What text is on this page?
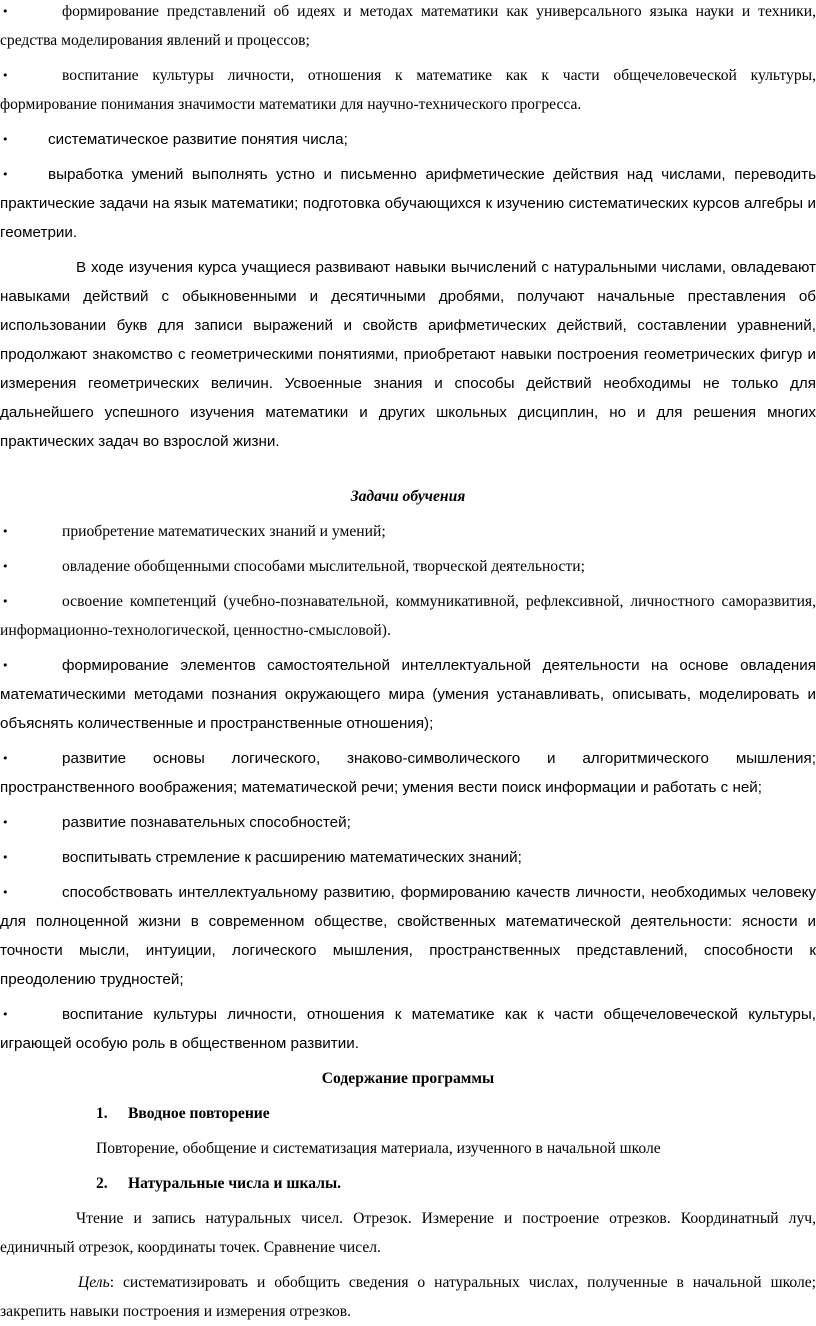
•	формирование представлений об идеях и методах математики как универсального языка науки и техники, средства моделирования явлений и процессов;

•	воспитание культуры личности, отношения к математике как к части общечеловеческой культуры, формирование понимания значимости математики для научно-технического прогресса.

•	систематическое развитие понятия числа;

•	выработка умений выполнять устно и письменно арифметические действия над числами, переводить практические задачи на язык математики; подготовка обучающихся к изучению систематических курсов алгебры и геометрии.

В ходе изучения курса учащиеся развивают навыки вычислений с натуральными числами, овладевают навыками действий с обыкновенными и десятичными дробями, получают начальные преставления об использовании букв для записи выражений и свойств арифметических действий, составлении уравнений, продолжают знакомство с геометрическими понятиями, приобретают навыки построения геометрических фигур и измерения геометрических величин. Усвоенные знания и способы действий необходимы не только для дальнейшего успешного изучения математики и других школьных дисциплин, но и для решения многих практических задач во взрослой жизни.

Задачи обучения

•	приобретение математических знаний и умений;

•	овладение обобщенными способами мыслительной, творческой деятельности;

•	освоение компетенций (учебно-познавательной, коммуникативной, рефлексивной, личностного саморазвития, информационно-технологической, ценностно-смысловой).

•	формирование элементов самостоятельной интеллектуальной деятельности на основе овладения математическими методами познания окружающего мира (умения устанавливать, описывать, моделировать и объяснять количественные и пространственные отношения);

•	развитие основы логического, знаково-символического и алгоритмического мышления; пространственного воображения; математической речи; умения вести поиск информации и работать с ней;

•	развитие познавательных способностей;

•	воспитывать стремление к расширению математических знаний;

•	способствовать интеллектуальному развитию, формированию качеств личности, необходимых человеку для полноценной жизни в современном обществе, свойственных математической деятельности: ясности и точности мысли, интуиции, логического мышления, пространственных представлений, способности к преодолению трудностей;

•	воспитание культуры личности, отношения к математике как к части общечеловеческой культуры, играющей особую роль в общественном развитии.

Содержание программы

1. Вводное повторение

Повторение, обобщение и систематизация материала, изученного в начальной школе

2. Натуральные числа и шкалы.

Чтение и запись натуральных чисел. Отрезок. Измерение и построение отрезков. Координатный луч, единичный отрезок, координаты точек. Сравнение чисел.

Цель: систематизировать и обобщить сведения о натуральных числах, полученные в начальной школе; закрепить навыки построения и измерения отрезков.
